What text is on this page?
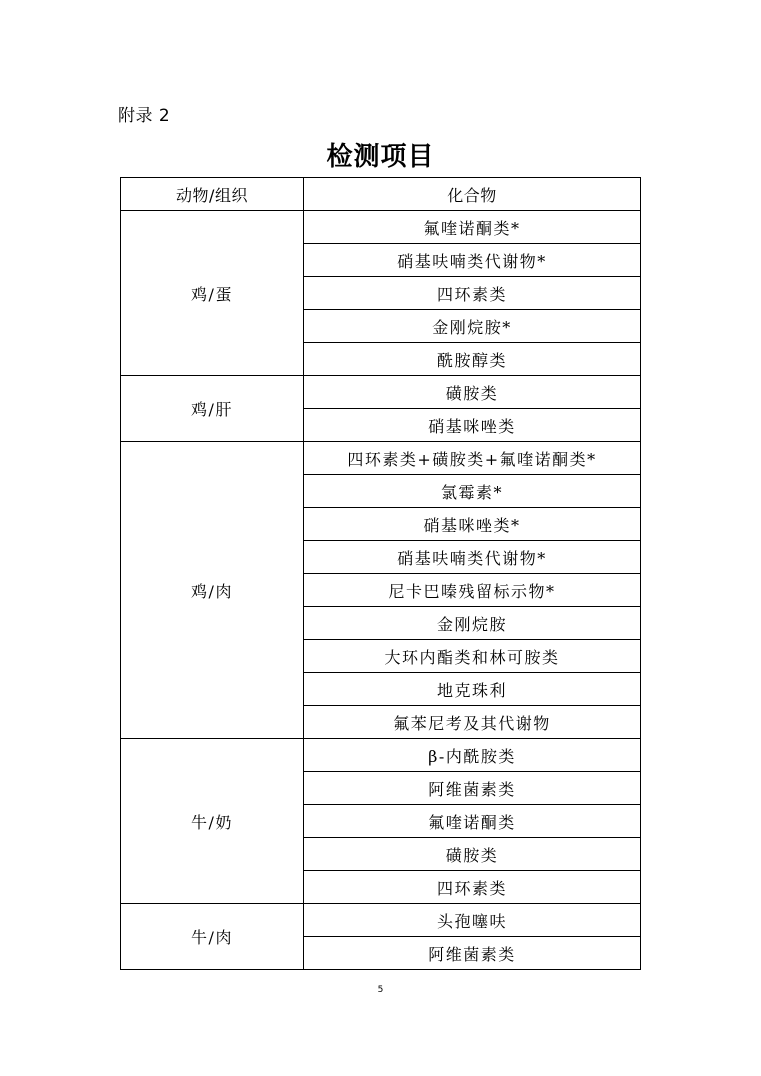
附录 2
检测项目
动物/组织	化合物
鸡/蛋	氟喹诺酮类*
	硝基呋喃类代谢物*
	四环素类
	金刚烷胺*
	酰胺醇类
鸡/肝	磺胺类
	硝基咪唑类
鸡/肉	四环素类+磺胺类+氟喹诺酮类*
	氯霉素*
	硝基咪唑类*
	硝基呋喃类代谢物*
	尼卡巴嗪残留标示物*
	金刚烷胺
	大环内酯类和林可胺类
	地克珠利
	氟苯尼考及其代谢物
牛/奶	β-内酰胺类
	阿维菌素类
	氟喹诺酮类
	磺胺类
	四环素类
牛/肉	头孢噻呋
	阿维菌素类
5
